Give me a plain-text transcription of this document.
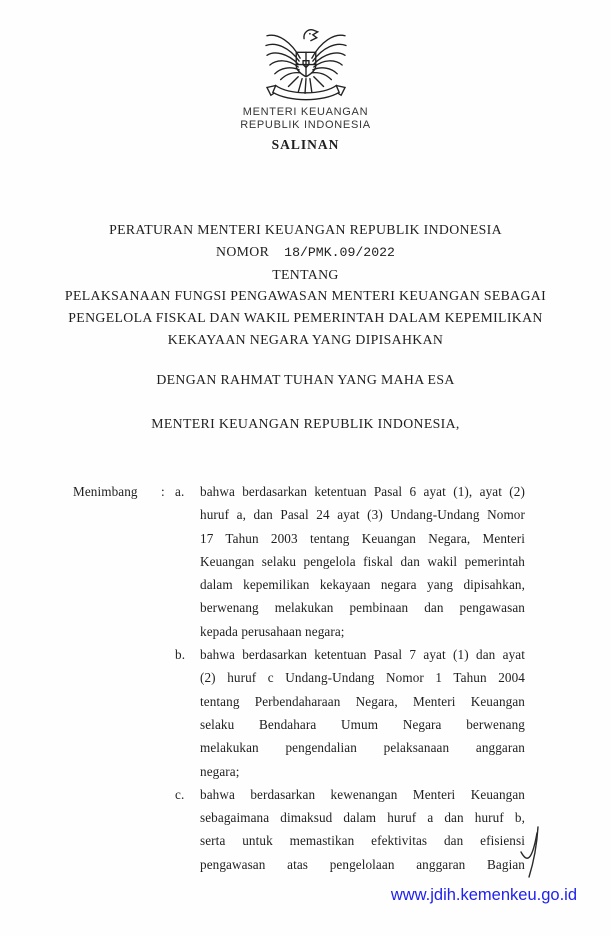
MENTERI KEUANGAN
REPUBLIK INDONESIA
SALINAN
PERATURAN MENTERI KEUANGAN REPUBLIK INDONESIA
NOMOR 18/PMK.09/2022
TENTANG
PELAKSANAAN FUNGSI PENGAWASAN MENTERI KEUANGAN SEBAGAI
PENGELOLA FISKAL DAN WAKIL PEMERINTAH DALAM KEPEMILIKAN
KEKAYAAN NEGARA YANG DIPISAHKAN
DENGAN RAHMAT TUHAN YANG MAHA ESA
MENTERI KEUANGAN REPUBLIK INDONESIA,
Menimbang	: a.	bahwa berdasarkan ketentuan Pasal 6 ayat (1), ayat (2)
huruf a, dan Pasal 24 ayat (3) Undang-Undang Nomor
17 Tahun 2003 tentang Keuangan Negara, Menteri
Keuangan selaku pengelola fiskal dan wakil pemerintah
dalam kepemilikan kekayaan negara yang dipisahkan,
berwenang melakukan pembinaan dan pengawasan
kepada perusahaan negara;
b.	bahwa berdasarkan ketentuan Pasal 7 ayat (1) dan ayat
(2) huruf c Undang-Undang Nomor 1 Tahun 2004
tentang Perbendaharaan Negara, Menteri Keuangan
selaku Bendahara Umum Negara berwenang
melakukan pengendalian pelaksanaan anggaran
negara;
c.	bahwa berdasarkan kewenangan Menteri Keuangan
sebagaimana dimaksud dalam huruf a dan huruf b,
serta untuk memastikan efektivitas dan efisiensi
pengawasan atas pengelolaan anggaran Bagian
www.jdih.kemenkeu.go.id
